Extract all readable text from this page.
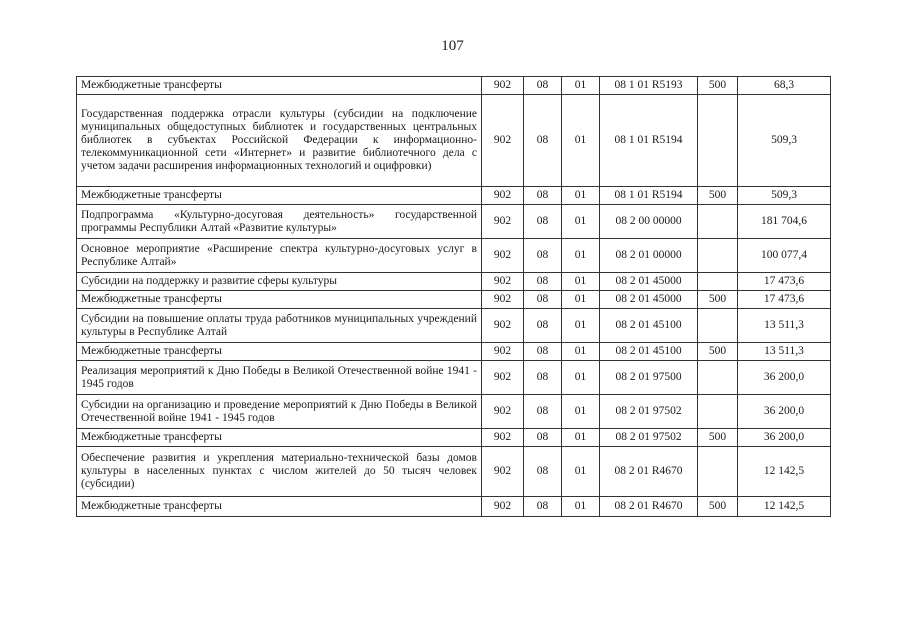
107
Межбюджетные трансферты	902	08	01	08 1 01 R5193	500	68,3
Государственная поддержка отрасли культуры (субсидии на подключение муниципальных общедоступных библиотек и государственных центральных библиотек в субъектах Российской Федерации к информационно-телекоммуникационной сети «Интернет» и развитие библиотечного дела с учетом задачи расширения информационных технологий и оцифровки)	902	08	01	08 1 01 R5194		509,3
Межбюджетные трансферты	902	08	01	08 1 01 R5194	500	509,3
Подпрограмма «Культурно-досуговая деятельность» государственной программы Республики Алтай «Развитие культуры»	902	08	01	08 2 00 00000		181 704,6
Основное мероприятие «Расширение спектра культурно-досуговых услуг в Республике Алтай»	902	08	01	08 2 01 00000		100 077,4
Субсидии на поддержку и развитие сферы культуры	902	08	01	08 2 01 45000		17 473,6
Межбюджетные трансферты	902	08	01	08 2 01 45000	500	17 473,6
Субсидии на повышение оплаты труда работников муниципальных учреждений культуры в Республике Алтай	902	08	01	08 2 01 45100		13 511,3
Межбюджетные трансферты	902	08	01	08 2 01 45100	500	13 511,3
Реализация мероприятий к Дню Победы в Великой Отечественной войне 1941 - 1945 годов	902	08	01	08 2 01 97500		36 200,0
Субсидии на организацию и проведение мероприятий к Дню Победы в Великой Отечественной войне 1941 - 1945 годов	902	08	01	08 2 01 97502		36 200,0
Межбюджетные трансферты	902	08	01	08 2 01 97502	500	36 200,0
Обеспечение развития и укрепления материально-технической базы домов культуры в населенных пунктах с числом жителей до 50 тысяч человек (субсидии)	902	08	01	08 2 01 R4670		12 142,5
Межбюджетные трансферты	902	08	01	08 2 01 R4670	500	12 142,5
